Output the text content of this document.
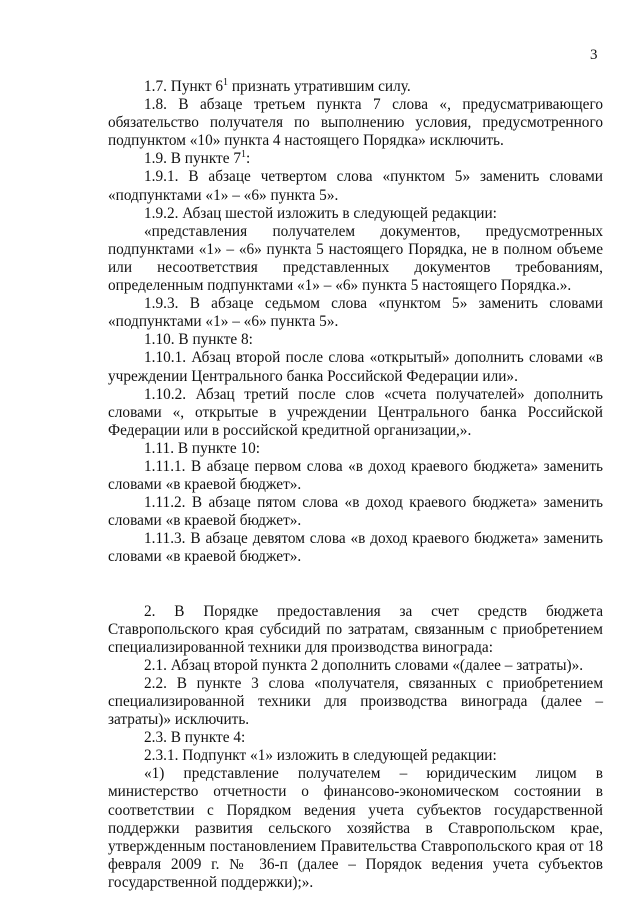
3

1.7. Пункт $6^1$ признать утратившим силу.

1.8. В абзаце третьем пункта 7 слова «, предусматривающего обязательство получателя по выполнению условия, предусмотренного подпунктом «10» пункта 4 настоящего Порядка» исключить.

1.9. В пункте $7^1$:

1.9.1. В абзаце четвертом слова «пунктом 5» заменить словами «подпунктами «1» – «6» пункта 5».

1.9.2. Абзац шестой изложить в следующей редакции:

«представления получателем документов, предусмотренных подпунктами «1» – «6» пункта 5 настоящего Порядка, не в полном объеме или несоответствия представленных документов требованиям, определенным подпунктами «1» – «6» пункта 5 настоящего Порядка.».

1.9.3. В абзаце седьмом слова «пунктом 5» заменить словами «подпунктами «1» – «6» пункта 5».

1.10. В пункте 8:

1.10.1. Абзац второй после слова «открытый» дополнить словами «в учреждении Центрального банка Российской Федерации или».

1.10.2. Абзац третий после слов «счета получателей» дополнить словами «, открытые в учреждении Центрального банка Российской Федерации или в российской кредитной организации,».

1.11. В пункте 10:

1.11.1. В абзаце первом слова «в доход краевого бюджета» заменить словами «в краевой бюджет».

1.11.2. В абзаце пятом слова «в доход краевого бюджета» заменить словами «в краевой бюджет».

1.11.3. В абзаце девятом слова «в доход краевого бюджета» заменить словами «в краевой бюджет».

2. В Порядке предоставления за счет средств бюджета Ставропольского края субсидий по затратам, связанным с приобретением специализированной техники для производства винограда:

2.1. Абзац второй пункта 2 дополнить словами «(далее – затраты)».

2.2. В пункте 3 слова «получателя, связанных с приобретением специализированной техники для производства винограда (далее – затраты)» исключить.

2.3. В пункте 4:

2.3.1. Подпункт «1» изложить в следующей редакции:

«1) представление получателем – юридическим лицом в министерство отчетности о финансово-экономическом состоянии в соответствии с Порядком ведения учета субъектов государственной поддержки развития сельского хозяйства в Ставропольском крае, утвержденным постановлением Правительства Ставропольского края от 18 февраля 2009 г. № 36-п (далее – Порядок ведения учета субъектов государственной поддержки);».
